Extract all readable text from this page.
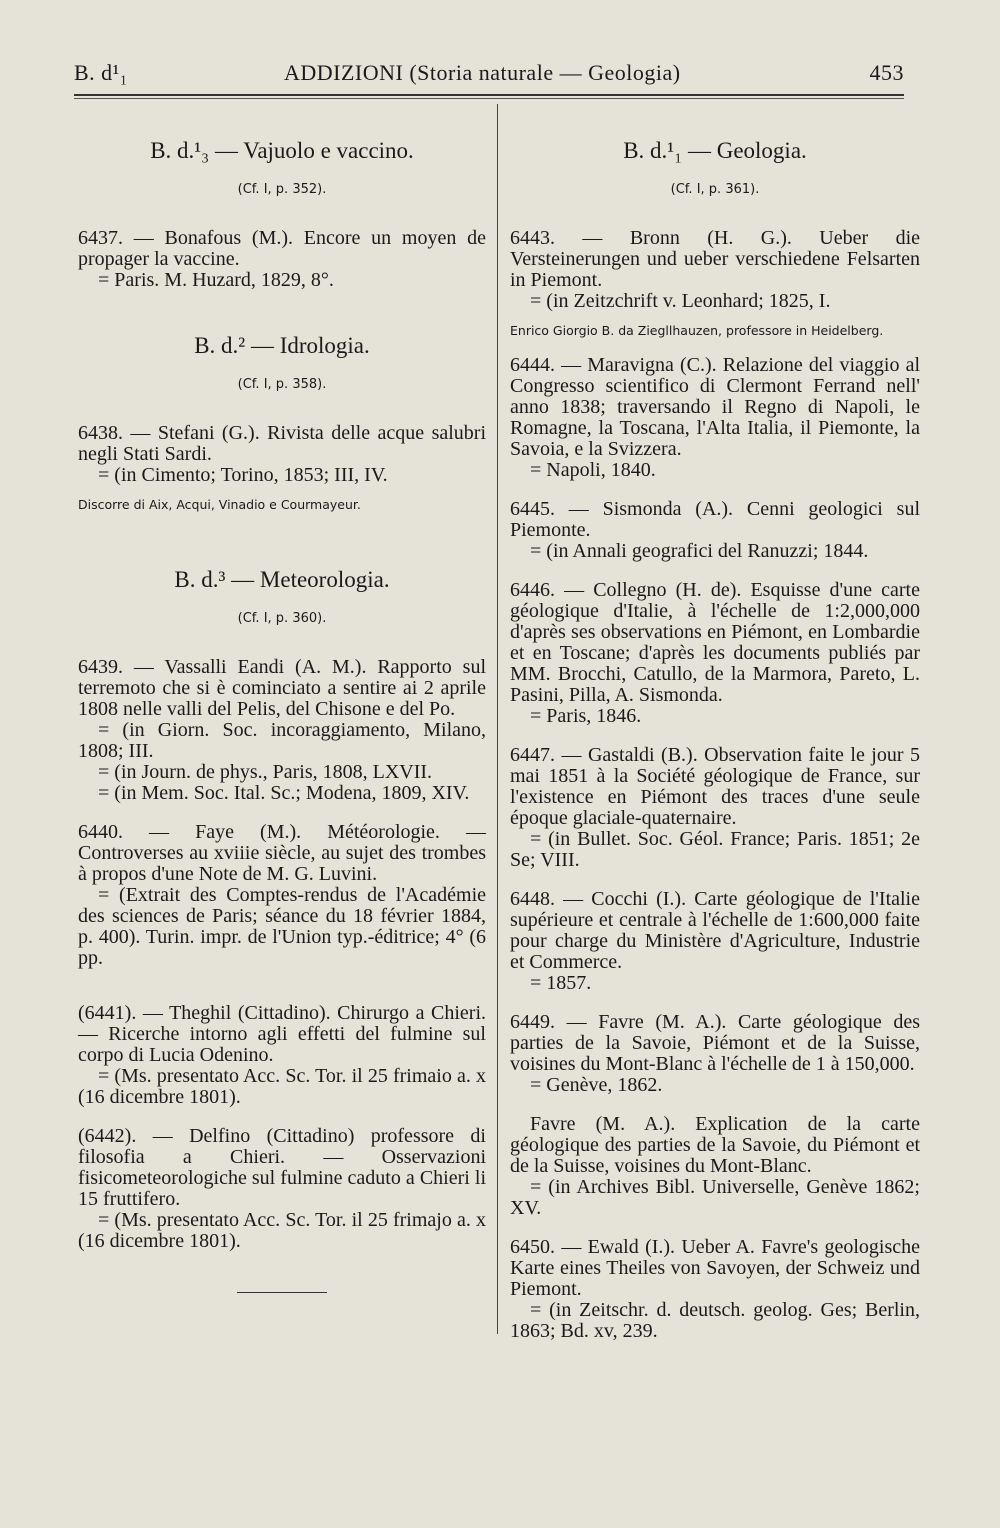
B. d¹₁	ADDIZIONI (Storia naturale — Geologia)	453
B. d.¹₃ — Vajuolo e vaccino.
(Cf. I, p. 352).

6437. — Bonafous (M.). Encore un moyen de propager la vaccine.

= Paris. M. Huzard, 1829, 8°.

B. d.² — Idrologia.
(Cf. I, p. 358).

6438. — Stefani (G.). Rivista delle acque salubri negli Stati Sardi.

= (in Cimento; Torino, 1853; III, IV.

Discorre di Aix, Acqui, Vinadio e Courmayeur.
B. d.³ — Meteorologia.
(Cf. I, p. 360).

6439. — Vassalli Eandi (A. M.). Rapporto sul terremoto che si è cominciato a sentire ai 2 aprile 1808 nelle valli del Pelis, del Chisone e del Po.

= (in Giorn. Soc. incoraggiamento, Milano, 1808; III.

= (in Journ. de phys., Paris, 1808, LXVII.

= (in Mem. Soc. Ital. Sc.; Modena, 1809, XIV.

6440. — Faye (M.). Météorologie. — Controverses au xviiie siècle, au sujet des trombes à propos d'une Note de M. G. Luvini.

= (Extrait des Comptes-rendus de l'Académie des sciences de Paris; séance du 18 février 1884, p. 400). Turin. impr. de l'Union typ.-éditrice; 4° (6 pp.

(6441). — Theghil (Cittadino). Chirurgo a Chieri. — Ricerche intorno agli effetti del fulmine sul corpo di Lucia Odenino.

= (Ms. presentato Acc. Sc. Tor. il 25 frimaio a. x (16 dicembre 1801).

(6442). — Delfino (Cittadino) professore di filosofia a Chieri. — Osservazioni fisicometeorologiche sul fulmine caduto a Chieri li 15 fruttifero.

= (Ms. presentato Acc. Sc. Tor. il 25 frimajo a. x (16 dicembre 1801).

B. d.¹₁ — Geologia.
(Cf. I, p. 361).

6443. — Bronn (H. G.). Ueber die Versteinerungen und ueber verschiedene Felsarten in Piemont.

= (in Zeitzchrift v. Leonhard; 1825, I.

Enrico Giorgio B. da Ziegllhauzen, professore in Heidelberg.

6444. — Maravigna (C.). Relazione del viaggio al Congresso scientifico di Clermont Ferrand nell' anno 1838; traversando il Regno di Napoli, le Romagne, la Toscana, l'Alta Italia, il Piemonte, la Savoia, e la Svizzera.

= Napoli, 1840.

6445. — Sismonda (A.). Cenni geologici sul Piemonte.

= (in Annali geografici del Ranuzzi; 1844.

6446. — Collegno (H. de). Esquisse d'une carte géologique d'Italie, à l'échelle de 1:2,000,000 d'après ses observations en Piémont, en Lombardie et en Toscane; d'après les documents publiés par MM. Brocchi, Catullo, de la Marmora, Pareto, L. Pasini, Pilla, A. Sismonda.

= Paris, 1846.

6447. — Gastaldi (B.). Observation faite le jour 5 mai 1851 à la Société géologique de France, sur l'existence en Piémont des traces d'une seule époque glaciale-quaternaire.

= (in Bullet. Soc. Géol. France; Paris. 1851; 2e Se; VIII.

6448. — Cocchi (I.). Carte géologique de l'Italie supérieure et centrale à l'échelle de 1:600,000 faite pour charge du Ministère d'Agriculture, Industrie et Commerce.

= 1857.

6449. — Favre (M. A.). Carte géologique des parties de la Savoie, Piémont et de la Suisse, voisines du Mont-Blanc à l'échelle de 1 à 150,000.

= Genève, 1862.

Favre (M. A.). Explication de la carte géologique des parties de la Savoie, du Piémont et de la Suisse, voisines du Mont-Blanc.

= (in Archives Bibl. Universelle, Genève 1862; XV.

6450. — Ewald (I.). Ueber A. Favre's geologische Karte eines Theiles von Savoyen, der Schweiz und Piemont.

= (in Zeitschr. d. deutsch. geolog. Ges; Berlin, 1863; Bd. xv, 239.
